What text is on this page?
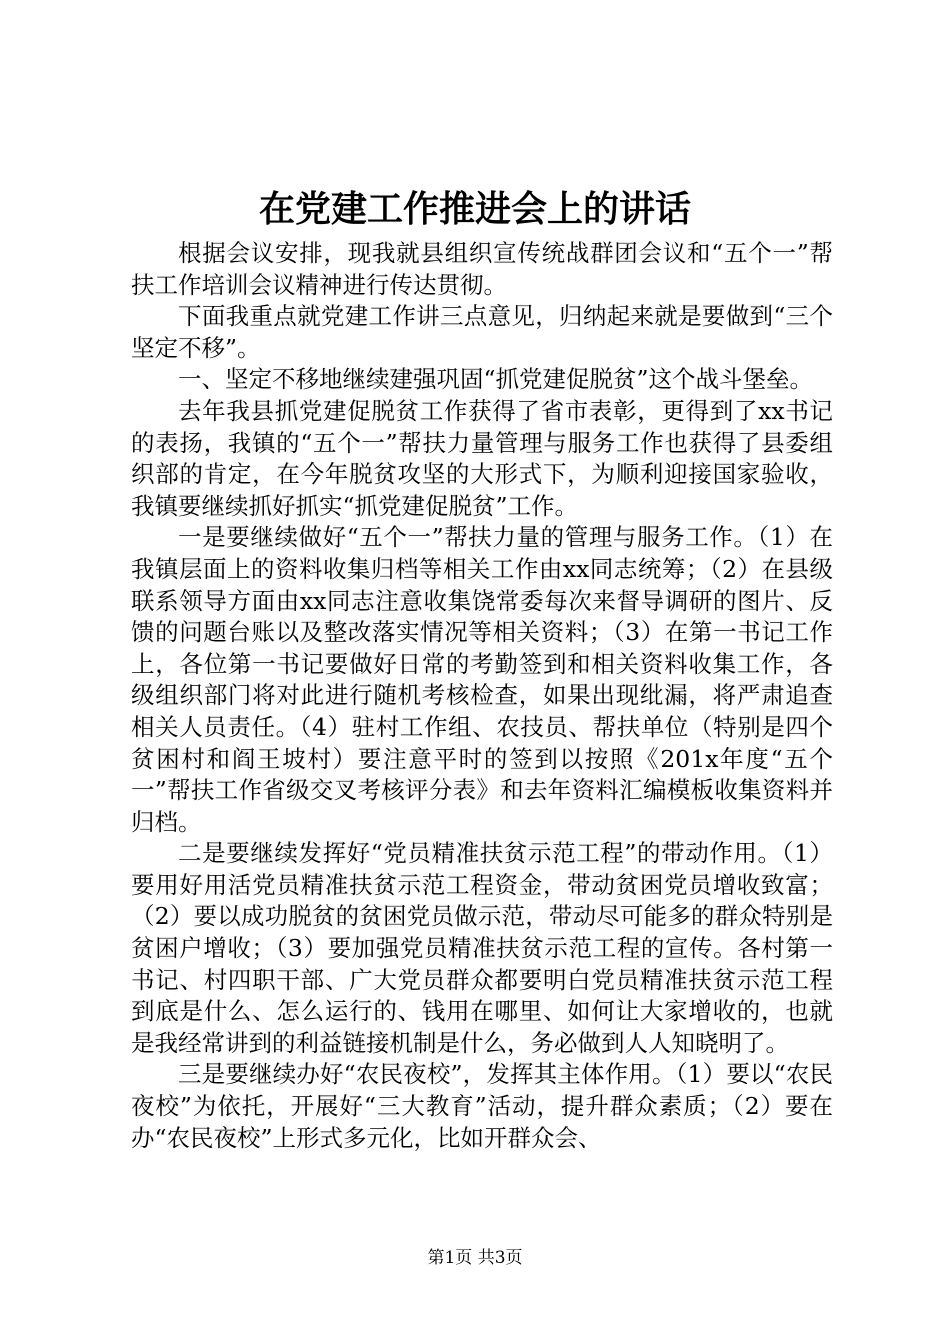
在党建工作推进会上的讲话

根据会议安排，现我就县组织宣传统战群团会议和“五个一”帮扶工作培训会议精神进行传达贯彻。

下面我重点就党建工作讲三点意见，归纳起来就是要做到“三个坚定不移”。

一、坚定不移地继续建强巩固“抓党建促脱贫”这个战斗堡垒。

去年我县抓党建促脱贫工作获得了省市表彰，更得到了xx书记的表扬，我镇的“五个一”帮扶力量管理与服务工作也获得了县委组织部的肯定，在今年脱贫攻坚的大形式下，为顺利迎接国家验收，我镇要继续抓好抓实“抓党建促脱贫”工作。

一是要继续做好“五个一”帮扶力量的管理与服务工作。（1）在我镇层面上的资料收集归档等相关工作由xx同志统筹；（2）在县级联系领导方面由xx同志注意收集饶常委每次来督导调研的图片、反馈的问题台账以及整改落实情况等相关资料；（3）在第一书记工作上，各位第一书记要做好日常的考勤签到和相关资料收集工作，各级组织部门将对此进行随机考核检查，如果出现纰漏，将严肃追查相关人员责任。（4）驻村工作组、农技员、帮扶单位（特别是四个贫困村和阎王坡村）要注意平时的签到以按照《201x年度“五个一”帮扶工作省级交叉考核评分表》和去年资料汇编模板收集资料并归档。

二是要继续发挥好“党员精准扶贫示范工程”的带动作用。（1）要用好用活党员精准扶贫示范工程资金，带动贫困党员增收致富；（2）要以成功脱贫的贫困党员做示范，带动尽可能多的群众特别是贫困户增收；（3）要加强党员精准扶贫示范工程的宣传。各村第一书记、村四职干部、广大党员群众都要明白党员精准扶贫示范工程到底是什么、怎么运行的、钱用在哪里、如何让大家增收的，也就是我经常讲到的利益链接机制是什么，务必做到人人知晓明了。

三是要继续办好“农民夜校”，发挥其主体作用。（1）要以“农民夜校”为依托，开展好“三大教育”活动，提升群众素质；（2）要在办“农民夜校”上形式多元化，比如开群众会、

第1页 共3页
